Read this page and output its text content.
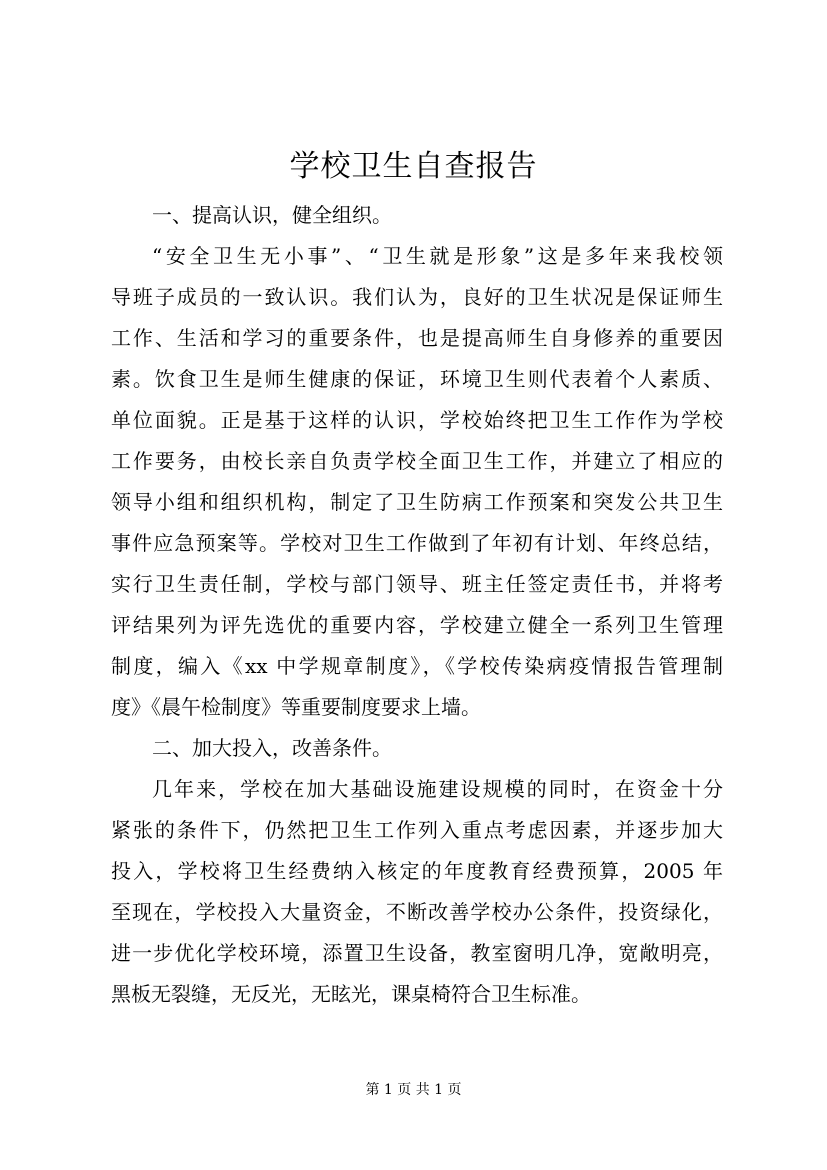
学校卫生自查报告
一、提高认识，健全组织。
“安全卫生无小事”、“卫生就是形象”这是多年来我校领
导班子成员的一致认识。我们认为，良好的卫生状况是保证师生
工作、生活和学习的重要条件，也是提高师生自身修养的重要因
素。饮食卫生是师生健康的保证，环境卫生则代表着个人素质、
单位面貌。正是基于这样的认识，学校始终把卫生工作作为学校
工作要务，由校长亲自负责学校全面卫生工作，并建立了相应的
领导小组和组织机构，制定了卫生防病工作预案和突发公共卫生
事件应急预案等。学校对卫生工作做到了年初有计划、年终总结，
实行卫生责任制，学校与部门领导、班主任签定责任书，并将考
评结果列为评先选优的重要内容，学校建立健全一系列卫生管理
制度，编入《xx 中学规章制度》，《学校传染病疫情报告管理制
度》《晨午检制度》等重要制度要求上墙。
二、加大投入，改善条件。
几年来，学校在加大基础设施建设规模的同时，在资金十分
紧张的条件下，仍然把卫生工作列入重点考虑因素，并逐步加大
投入，学校将卫生经费纳入核定的年度教育经费预算，2005 年
至现在，学校投入大量资金，不断改善学校办公条件，投资绿化，
进一步优化学校环境，添置卫生设备，教室窗明几净，宽敞明亮，
黑板无裂缝，无反光，无眩光，课桌椅符合卫生标准。
第 1 页 共 1 页
